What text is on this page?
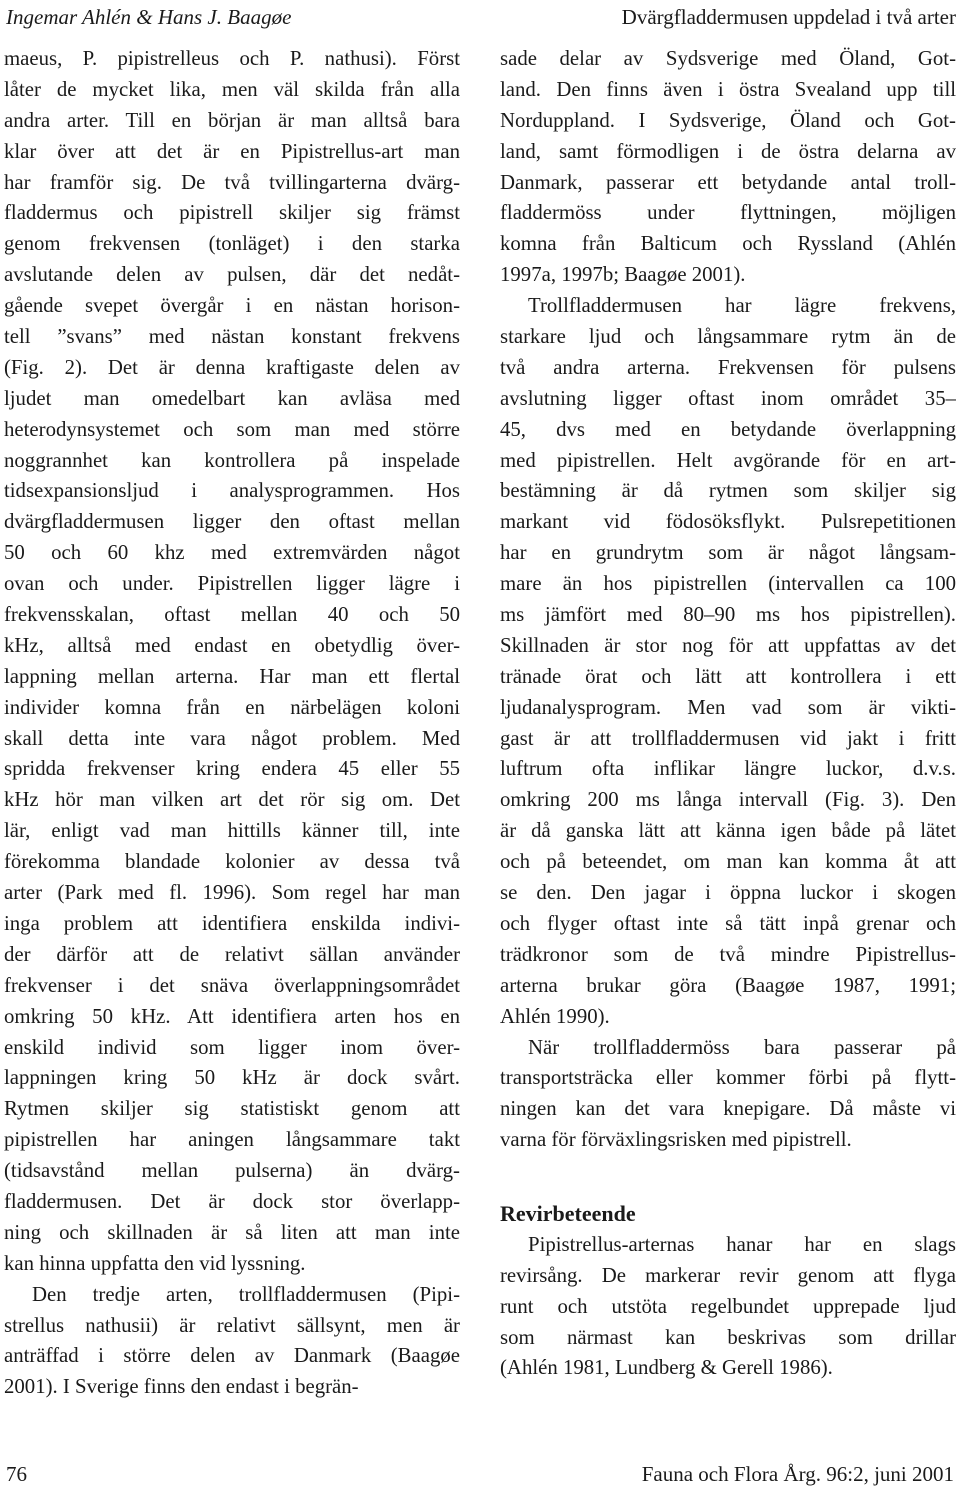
Ingemar Ahlén & Hans J. Baagøe	Dvärgfladdermusen uppdelad i två arter
maeus, P. pipistrelleus och P. nathusi). Först
låter de mycket lika, men väl skilda från alla
andra arter. Till en början är man alltså bara
klar över att det är en Pipistrellus-art man
har framför sig. De två tvillingarterna dvärg-
fladdermus och pipistrell skiljer sig främst
genom frekvensen (tonläget) i den starka
avslutande delen av pulsen, där det nedåt-
gående svepet övergår i en nästan horison-
tell ”svans” med nästan konstant frekvens
(Fig. 2). Det är denna kraftigaste delen av
ljudet man omedelbart kan avläsa med
heterodynsystemet och som man med större
noggrannhet kan kontrollera på inspelade
tidsexpansionsljud i analysprogrammen. Hos
dvärgfladdermusen ligger den oftast mellan
50 och 60 khz med extremvärden något
ovan och under. Pipistrellen ligger lägre i
frekvensskalan, oftast mellan 40 och 50
kHz, alltså med endast en obetydlig över-
lappning mellan arterna. Har man ett flertal
individer komna från en närbelägen koloni
skall detta inte vara något problem. Med
spridda frekvenser kring endera 45 eller 55
kHz hör man vilken art det rör sig om. Det
lär, enligt vad man hittills känner till, inte
förekomma blandade kolonier av dessa två
arter (Park med fl. 1996). Som regel har man
inga problem att identifiera enskilda indivi-
der därför att de relativt sällan använder
frekvenser i det snäva överlappningsområdet
omkring 50 kHz. Att identifiera arten hos en
enskild individ som ligger inom över-
lappningen kring 50 kHz är dock svårt.
Rytmen skiljer sig statistiskt genom att
pipistrellen har aningen långsammare takt
(tidsavstånd mellan pulserna) än dvärg-
fladdermusen. Det är dock stor överlapp-
ning och skillnaden är så liten att man inte
kan hinna uppfatta den vid lyssning.
Den tredje arten, trollfladdermusen (Pipi-
strellus nathusii) är relativt sällsynt, men är
anträffad i större delen av Danmark (Baagøe
2001). I Sverige finns den endast i begrän-
sade delar av Sydsverige med Öland, Got-
land. Den finns även i östra Svealand upp till
Norduppland. I Sydsverige, Öland och Got-
land, samt förmodligen i de östra delarna av
Danmark, passerar ett betydande antal troll-
fladdermöss under flyttningen, möjligen
komna från Balticum och Ryssland (Ahlén
1997a, 1997b; Baagøe 2001).
Trollfladdermusen har lägre frekvens,
starkare ljud och långsammare rytm än de
två andra arterna. Frekvensen för pulsens
avslutning ligger oftast inom området 35–
45, dvs med en betydande överlappning
med pipistrellen. Helt avgörande för en art-
bestämning är då rytmen som skiljer sig
markant vid födosöksflykt. Pulsrepetitionen
har en grundrytm som är något långsam-
mare än hos pipistrellen (intervallen ca 100
ms jämfört med 80–90 ms hos pipistrellen).
Skillnaden är stor nog för att uppfattas av det
tränade örat och lätt att kontrollera i ett
ljudanalysprogram. Men vad som är vikti-
gast är att trollfladdermusen vid jakt i fritt
luftrum ofta inflikar längre luckor, d.v.s.
omkring 200 ms långa intervall (Fig. 3). Den
är då ganska lätt att känna igen både på lätet
och på beteendet, om man kan komma åt att
se den. Den jagar i öppna luckor i skogen
och flyger oftast inte så tätt inpå grenar och
trädkronor som de två mindre Pipistrellus-
arterna brukar göra (Baagøe 1987, 1991;
Ahlén 1990).
När trollfladdermöss bara passerar på
transportsträcka eller kommer förbi på flytt-
ningen kan det vara knepigare. Då måste vi
varna för förväxlingsrisken med pipistrell.
Revirbeteende
Pipistrellus-arternas hanar har en slags
revirsång. De markerar revir genom att flyga
runt och utstöta regelbundet upprepade ljud
som närmast kan beskrivas som drillar
(Ahlén 1981, Lundberg & Gerell 1986).
76	Fauna och Flora Årg. 96:2, juni 2001
